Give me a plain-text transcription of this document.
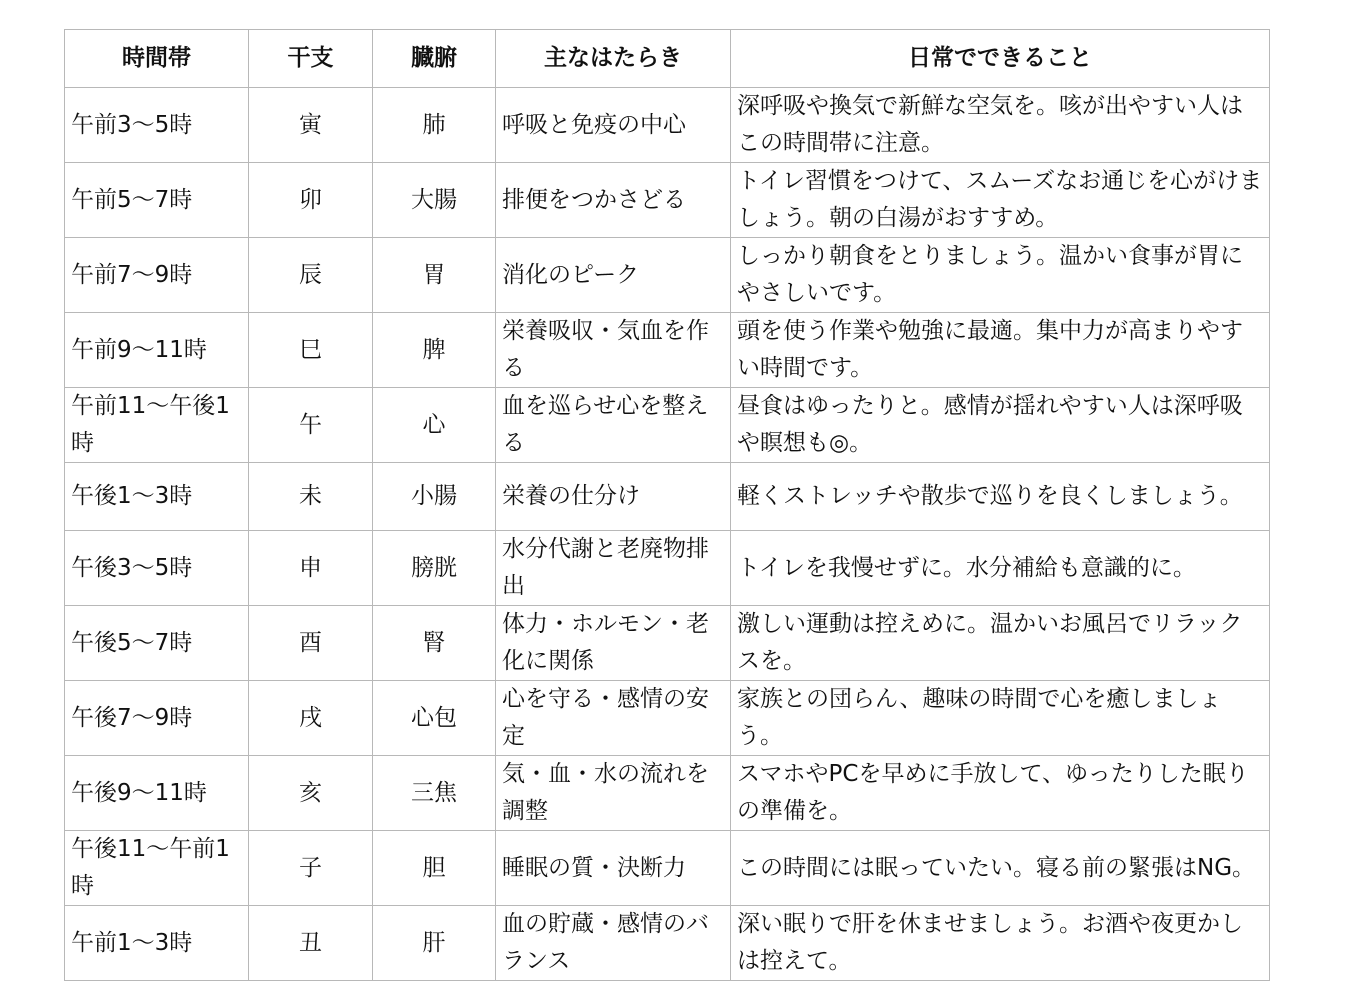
時間帯	干支	臓腑	主なはたらき	日常でできること
午前3〜5時	寅	肺	呼吸と免疫の中心	深呼吸や換気で新鮮な空気を。咳が出やすい人はこの時間帯に注意。
午前5〜7時	卯	大腸	排便をつかさどる	トイレ習慣をつけて、スムーズなお通じを心がけましょう。朝の白湯がおすすめ。
午前7〜9時	辰	胃	消化のピーク	しっかり朝食をとりましょう。温かい食事が胃にやさしいです。
午前9〜11時	巳	脾	栄養吸収・気血を作る	頭を使う作業や勉強に最適。集中力が高まりやすい時間です。
午前11〜午後1時	午	心	血を巡らせ心を整える	昼食はゆったりと。感情が揺れやすい人は深呼吸や瞑想も◎。
午後1〜3時	未	小腸	栄養の仕分け	軽くストレッチや散歩で巡りを良くしましょう。
午後3〜5時	申	膀胱	水分代謝と老廃物排出	トイレを我慢せずに。水分補給も意識的に。
午後5〜7時	酉	腎	体力・ホルモン・老化に関係	激しい運動は控えめに。温かいお風呂でリラックスを。
午後7〜9時	戌	心包	心を守る・感情の安定	家族との団らん、趣味の時間で心を癒しましょう。
午後9〜11時	亥	三焦	気・血・水の流れを調整	スマホやPCを早めに手放して、ゆったりした眠りの準備を。
午後11〜午前1時	子	胆	睡眠の質・決断力	この時間には眠っていたい。寝る前の緊張はNG。
午前1〜3時	丑	肝	血の貯蔵・感情のバランス	深い眠りで肝を休ませましょう。お酒や夜更かしは控えて。
